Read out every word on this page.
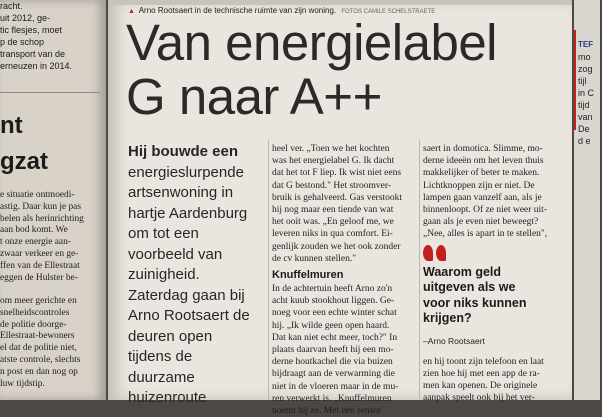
racht.
uit 2012, ge-
tic flesjes, moet
p de schop
transport van de
erneuzen in 2014.
nt
gzat
e situatie ontmoedi-
astig. Daar kun je pas
belen als herinrichting
aan bod komt. We
t onze energie aan-
zwaar verkeer en ge-
ffen van de Ellestraat
eggen de Hulster be-
om meer gerichte en
snelheidscontroles
de politie doorge-
Ellestraat-bewoners
el dat de politie niet,
atste controle, slechts
n post en dan nog op
luw tijdstip.
▲ Arno Rootsaert in de technische ruimte van zijn woning. FOTOS CAMILE SCHELSTRAETE
Van energielabel
G naar A++
Hij bouwde een
energieslurpende
artsenwoning in
hartje Aardenburg
om tot een
voorbeeld van
zuinigheid.
Zaterdag gaan bij
Arno Rootsaert de
deuren open
tijdens de
duurzame
huizenroute
heel ver. „Toen we het kochten
was het energielabel G. Ik dacht
dat het tot F liep. Ik wist niet eens
dat G bestond." Het stroomver-
bruik is gehalveerd. Gas verstookt
hij nog maar een tiende van wat
het ooit was. „En geloof me, we
leveren niks in qua comfort. Ei-
genlijk zouden we het ook zonder
de cv kunnen stellen."
Knuffelmuren
In de achtertuin heeft Arno zo'n
acht kuub stookhout liggen. Ge-
noeg voor een echte winter schat
hij. „Ik wilde geen open haard.
Dat kan niet echt meer, toch?" In
plaats daarvan heeft hij een mo-
derne houtkachel die via buizen
bijdraagt aan de verwarming die
niet in de vloeren maar in de mu-
ren verwerkt is. „Knuffelmuren
noemt hij ze. Met een sensor
saert in domotica. Slimme, mo-
derne ideeën om het leven thuis
makkelijker of beter te maken.
Lichtknoppen zijn er niet. De
lampen gaan vanzelf aan, als je
binnenloopt. Of ze niet weer uit-
gaan als je even niet beweegt?
„Nee, alles is apart in te stellen",
Waarom geld
uitgeven als we
voor niks kunnen
krijgen?
–Arno Rootsaert
en hij toont zijn telefoon en laat
zien hoe hij met een app de ra-
men kan openen. De originele
aanpak speelt ook bij het ver-
TEF
mo
zog
tijl
in C
tijd
van
De
d e
